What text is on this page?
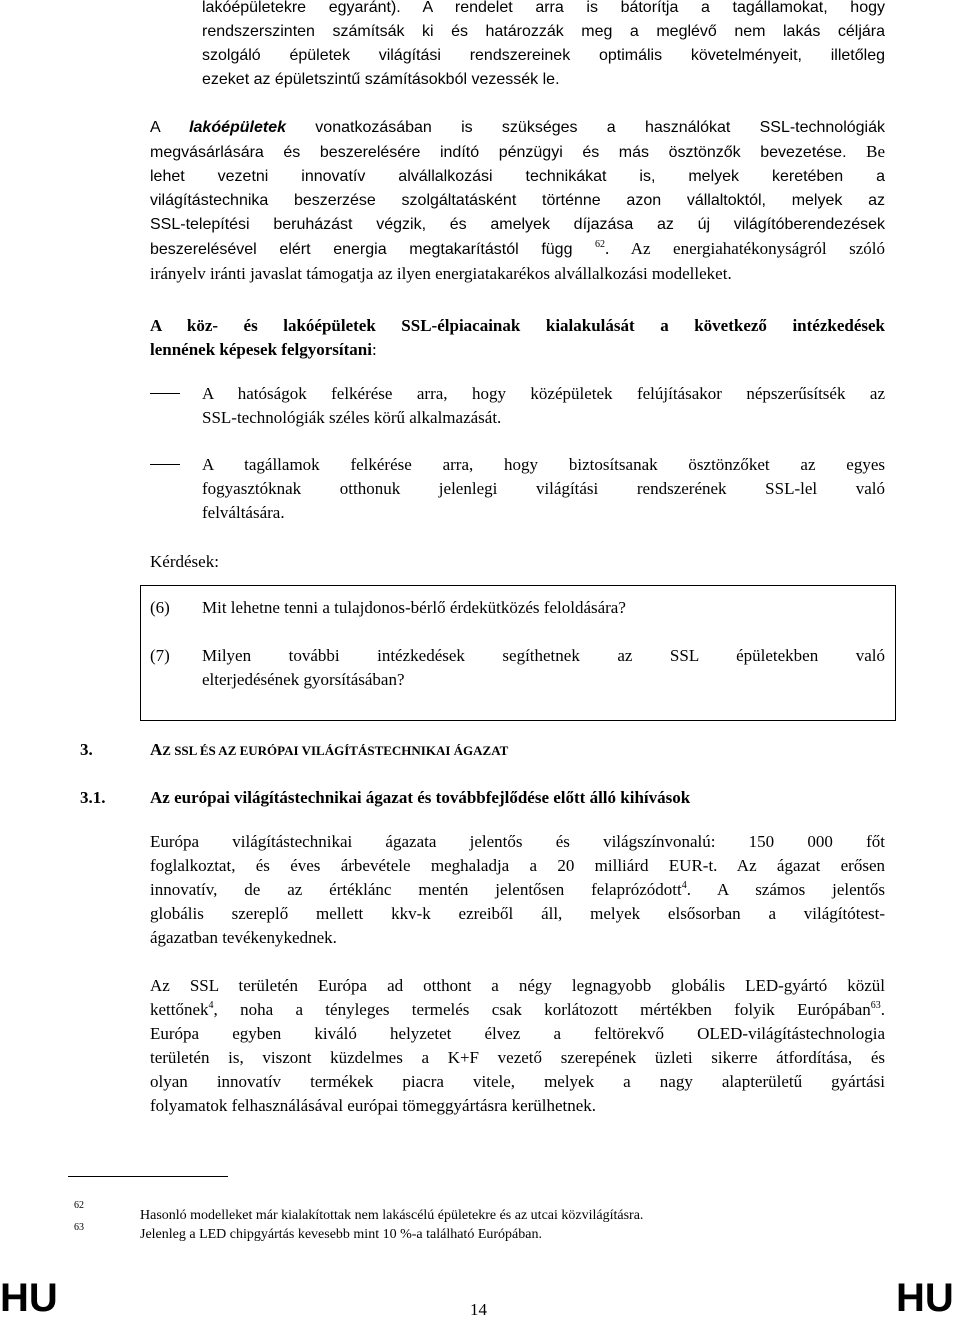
lakóépületekre egyaránt). A rendelet arra is bátorítja a tagállamokat, hogy
rendszerszinten számítsák ki és határozzák meg a meglévő nem lakás céljára
szolgáló épületek világítási rendszereinek optimális követelményeit, illetőleg
ezeket az épületszintű számításokból vezessék le.
A lakóépületek vonatkozásában is szükséges a használókat SSL-technológiák
megvásárlására és beszerelésére indító pénzügyi és más ösztönzők bevezetése. Be
lehet vezetni innovatív alvállalkozási technikákat is, melyek keretében a
világítástechnika beszerzése szolgáltatásként történne azon vállaltoktól, melyek az
SSL-telepítési beruházást végzik, és amelyek díjazása az új világítóberendezések
beszerelésével elért energia megtakarítástól függ $^{62}$. Az energiahatékonyságról szóló
irányelv iránti javaslat támogatja az ilyen energiatakarékos alvállalkozási modelleket.
A köz- és lakóépületek SSL-élpiacainak kialakulását a következő intézkedések
lennének képesek felgyorsítani:
A hatóságok felkérése arra, hogy középületek felújításakor népszerűsítsék az
SSL-technológiák széles körű alkalmazását.
A tagállamok felkérése arra, hogy biztosítsanak ösztönzőket az egyes
fogyasztóknak otthonuk jelenlegi világítási rendszerének SSL-lel való
felváltására.
Kérdések:
(6) Mit lehetne tenni a tulajdonos-bérlő érdekütközés feloldására?
(7) Milyen további intézkedések segíthetnek az SSL épületekben való
elterjedésének gyorsításában?
3.	AZ SSL ÉS AZ EURÓPAI VILÁGÍTÁSTECHNIKAI ÁGAZAT
3.1.	Az európai világítástechnikai ágazat és továbbfejlődése előtt álló kihívások
Európa világítástechnikai ágazata jelentős és világszínvonalú: 150 000 főt
foglalkoztat, és éves árbevétele meghaladja a 20 milliárd EUR-t. Az ágazat erősen
innovatív, de az értéklánc mentén jelentősen felaprózódott$^4$. A számos jelentős
globális szereplő mellett kkv-k ezreiből áll, melyek elsősorban a világítótest-
ágazatban tevékenykednek.
Az SSL területén Európa ad otthont a négy legnagyobb globális LED-gyártó közül
kettőnek$^4$, noha a tényleges termelés csak korlátozott mértékben folyik Európában$^{63}$.
Európa egyben kiváló helyzetet élvez a feltörekvő OLED-világítástechnologia
területén is, viszont küzdelmes a K+F vezető szerepének üzleti sikerre átfordítása, és
olyan innovatív termékek piacra vitele, melyek a nagy alapterületű gyártási
folyamatok felhasználásával európai tömeggyártásra kerülhetnek.
62
Hasonló modelleket már kialakítottak nem lakáscélú épületekre és az utcai közvilágításra.
63	Jelenleg a LED chipgyártás kevesebb mint 10 %-a található Európában.
HU	14	HU
